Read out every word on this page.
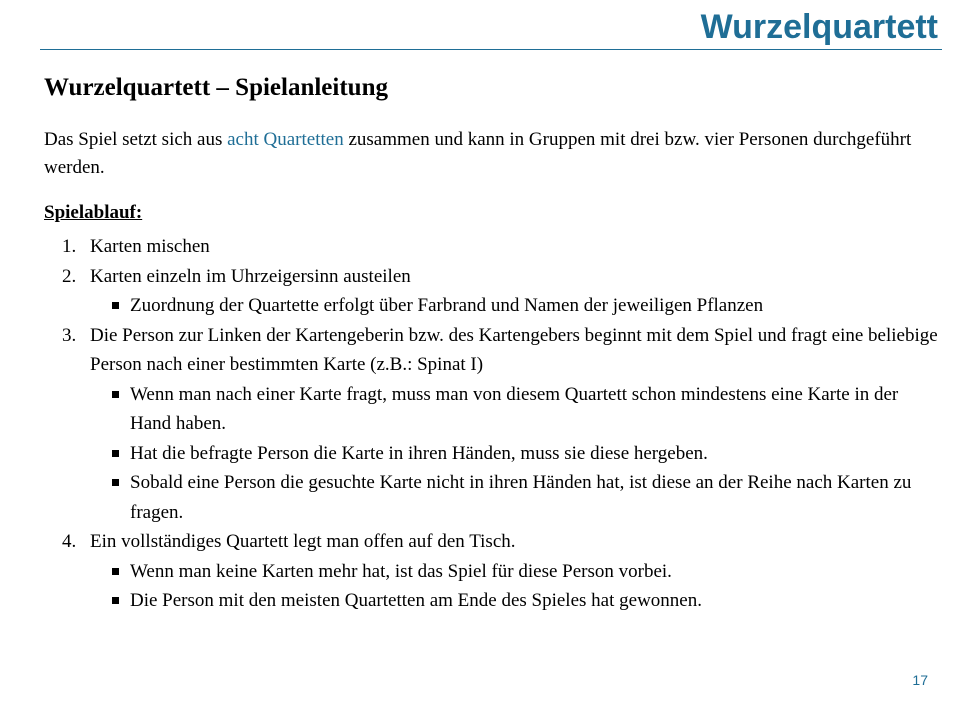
Wurzelquartett
Wurzelquartett – Spielanleitung

Das Spiel setzt sich aus acht Quartetten zusammen und kann in Gruppen mit drei bzw. vier Personen durchgeführt werden.

Spielablauf:
1. Karten mischen
2. Karten einzeln im Uhrzeigersinn austeilen
Zuordnung der Quartette erfolgt über Farbrand und Namen der jeweiligen Pflanzen
3. Die Person zur Linken der Kartengeberin bzw. des Kartengebers beginnt mit dem Spiel und fragt eine beliebige Person nach einer bestimmten Karte (z.B.: Spinat I)
Wenn man nach einer Karte fragt, muss man von diesem Quartett schon mindestens eine Karte in der Hand haben.
Hat die befragte Person die Karte in ihren Händen, muss sie diese hergeben.
Sobald eine Person die gesuchte Karte nicht in ihren Händen hat, ist diese an der Reihe nach Karten zu fragen.
4. Ein vollständiges Quartett legt man offen auf den Tisch.
Wenn man keine Karten mehr hat, ist das Spiel für diese Person vorbei.
Die Person mit den meisten Quartetten am Ende des Spieles hat gewonnen.
17
